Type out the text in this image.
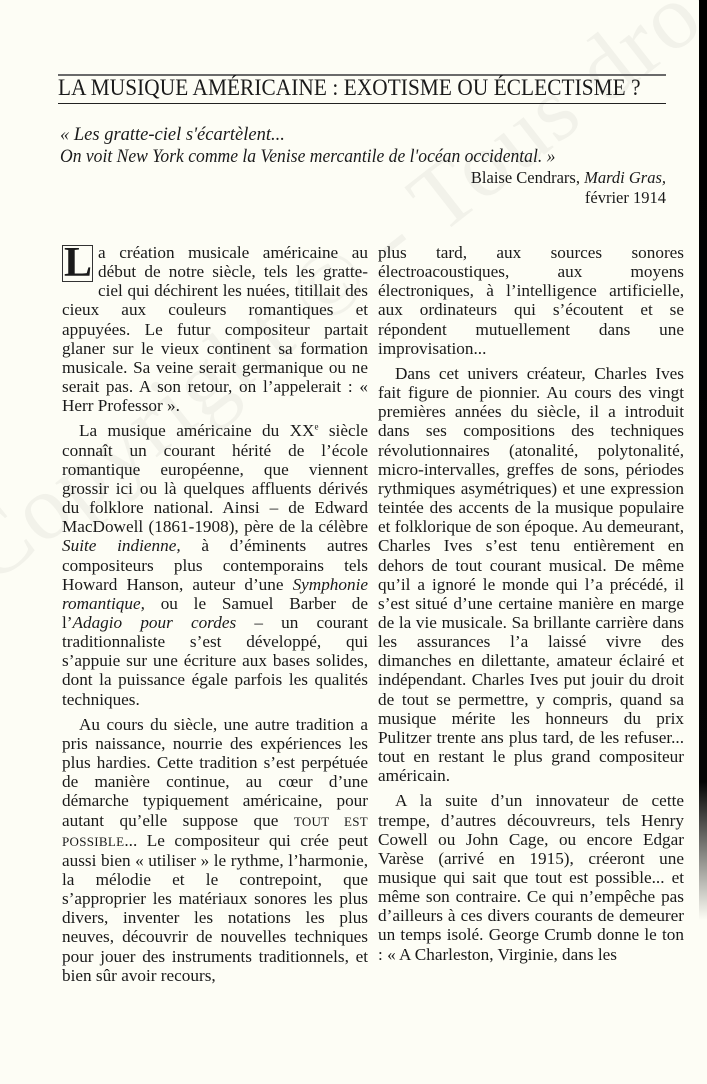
LA MUSIQUE AMÉRICAINE : EXOTISME OU ÉCLECTISME ?
« Les gratte-ciel s'écartèlent...
On voit New York comme la Venise mercantile de l'océan occidental. »
Blaise Cendrars, Mardi Gras,
février 1914

L a création musicale américaine au début de notre siècle, tels les gratte-ciel qui déchirent les nuées, titillait des cieux aux couleurs romantiques et appuyées. Le futur compositeur partait glaner sur le vieux continent sa formation musicale. Sa veine serait germanique ou ne serait pas. A son retour, on l’appelerait : « Herr Professor ».

La musique américaine du XXe siècle connaît un courant hérité de l’école romantique européenne, que viennent grossir ici ou là quelques affluents dérivés du folklore national. Ainsi – de Edward MacDowell (1861-1908), père de la célèbre Suite indienne, à d’éminents autres compositeurs plus contemporains tels Howard Hanson, auteur d’une Symphonie romantique, ou le Samuel Barber de l’Adagio pour cordes – un courant traditionnaliste s’est développé, qui s’appuie sur une écriture aux bases solides, dont la puissance égale parfois les qualités techniques.

Au cours du siècle, une autre tradition a pris naissance, nourrie des expériences les plus hardies. Cette tradition s’est perpétuée de manière continue, au cœur d’une démarche typiquement américaine, pour autant qu’elle suppose que TOUT EST POSSIBLE... Le compositeur qui crée peut aussi bien « utiliser » le rythme, l’harmonie, la mélodie et le contrepoint, que s’approprier les matériaux sonores les plus divers, inventer les notations les plus neuves, découvrir de nouvelles techniques pour jouer des instruments traditionnels, et bien sûr avoir recours,

plus tard, aux sources sonores électroacoustiques, aux moyens électroniques, à l’intelligence artificielle, aux ordinateurs qui s’écoutent et se répondent mutuellement dans une improvisation...

Dans cet univers créateur, Charles Ives fait figure de pionnier. Au cours des vingt premières années du siècle, il a introduit dans ses compositions des techniques révolutionnaires (atonalité, polytonalité, micro-intervalles, greffes de sons, périodes rythmiques asymétriques) et une expression teintée des accents de la musique populaire et folklorique de son époque. Au demeurant, Charles Ives s’est tenu entièrement en dehors de tout courant musical. De même qu’il a ignoré le monde qui l’a précédé, il s’est situé d’une certaine manière en marge de la vie musicale. Sa brillante carrière dans les assurances l’a laissé vivre des dimanches en dilettante, amateur éclairé et indépendant. Charles Ives put jouir du droit de tout se permettre, y compris, quand sa musique mérite les honneurs du prix Pulitzer trente ans plus tard, de les refuser... tout en restant le plus grand compositeur américain.

A la suite d’un innovateur de cette trempe, d’autres découvreurs, tels Henry Cowell ou John Cage, ou encore Edgar Varèse (arrivé en 1915), créeront une musique qui sait que tout est possible... et même son contraire. Ce qui n’empêche pas d’ailleurs à ces divers courants de demeurer un temps isolé. George Crumb donne le ton : « A Charleston, Virginie, dans les
